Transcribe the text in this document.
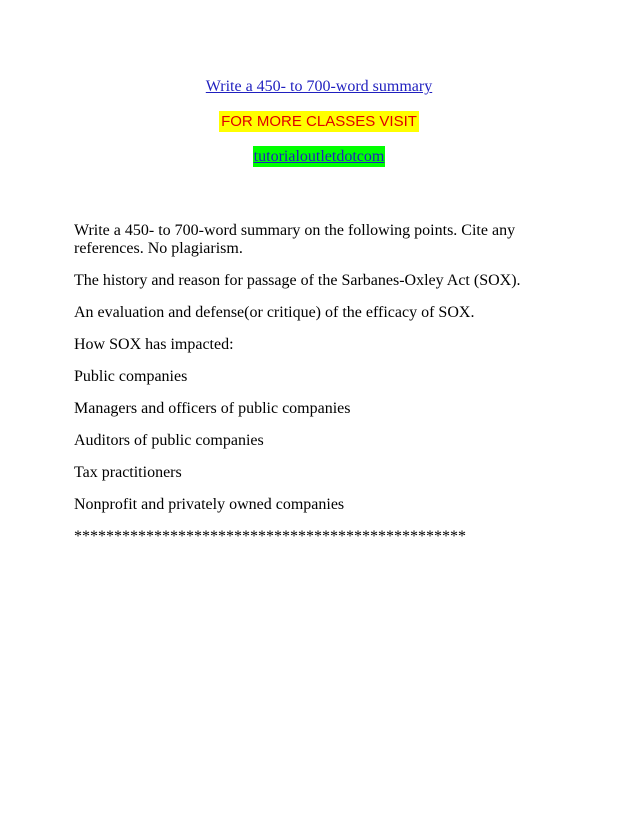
Write a 450- to 700-word summary
FOR MORE CLASSES VISIT
tutorialoutletdotcom

Write a 450- to 700-word summary on the following points. Cite any references. No plagiarism.

The history and reason for passage of the Sarbanes-Oxley Act (SOX).

An evaluation and defense(or critique) of the efficacy of SOX.

How SOX has impacted:

Public companies

Managers and officers of public companies

Auditors of public companies

Tax practitioners

Nonprofit and privately owned companies

*************************************************
